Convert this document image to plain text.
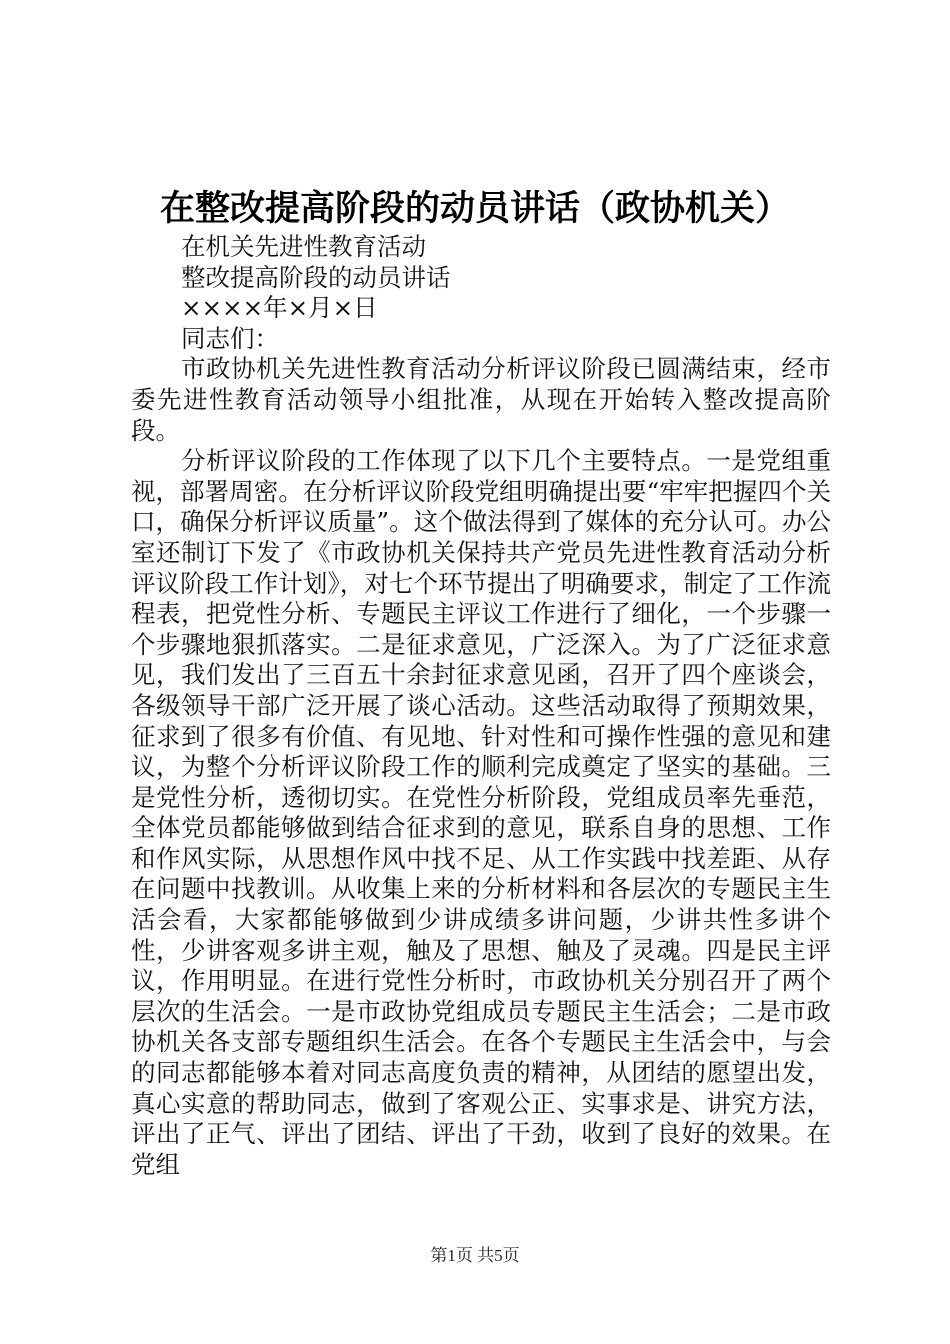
在整改提高阶段的动员讲话（政协机关）

在机关先进性教育活动

整改提高阶段的动员讲话

××××年×月×日

同志们：

市政协机关先进性教育活动分析评议阶段已圆满结束，经市委先进性教育活动领导小组批准，从现在开始转入整改提高阶段。

分析评议阶段的工作体现了以下几个主要特点。一是党组重视，部署周密。在分析评议阶段党组明确提出要“牢牢把握四个关口，确保分析评议质量”。这个做法得到了媒体的充分认可。办公室还制订下发了《市政协机关保持共产党员先进性教育活动分析评议阶段工作计划》，对七个环节提出了明确要求，制定了工作流程表，把党性分析、专题民主评议工作进行了细化，一个步骤一个步骤地狠抓落实。二是征求意见，广泛深入。为了广泛征求意见，我们发出了三百五十余封征求意见函，召开了四个座谈会，各级领导干部广泛开展了谈心活动。这些活动取得了预期效果，征求到了很多有价值、有见地、针对性和可操作性强的意见和建议，为整个分析评议阶段工作的顺利完成奠定了坚实的基础。三是党性分析，透彻切实。在党性分析阶段，党组成员率先垂范，全体党员都能够做到结合征求到的意见，联系自身的思想、工作和作风实际，从思想作风中找不足、从工作实践中找差距、从存在问题中找教训。从收集上来的分析材料和各层次的专题民主生活会看，大家都能够做到少讲成绩多讲问题，少讲共性多讲个性，少讲客观多讲主观，触及了思想、触及了灵魂。四是民主评议，作用明显。在进行党性分析时，市政协机关分别召开了两个层次的生活会。一是市政协党组成员专题民主生活会；二是市政协机关各支部专题组织生活会。在各个专题民主生活会中，与会的同志都能够本着对同志高度负责的精神，从团结的愿望出发，真心实意的帮助同志，做到了客观公正、实事求是、讲究方法，评出了正气、评出了团结、评出了干劲，收到了良好的效果。在党组

第1页 共5页
